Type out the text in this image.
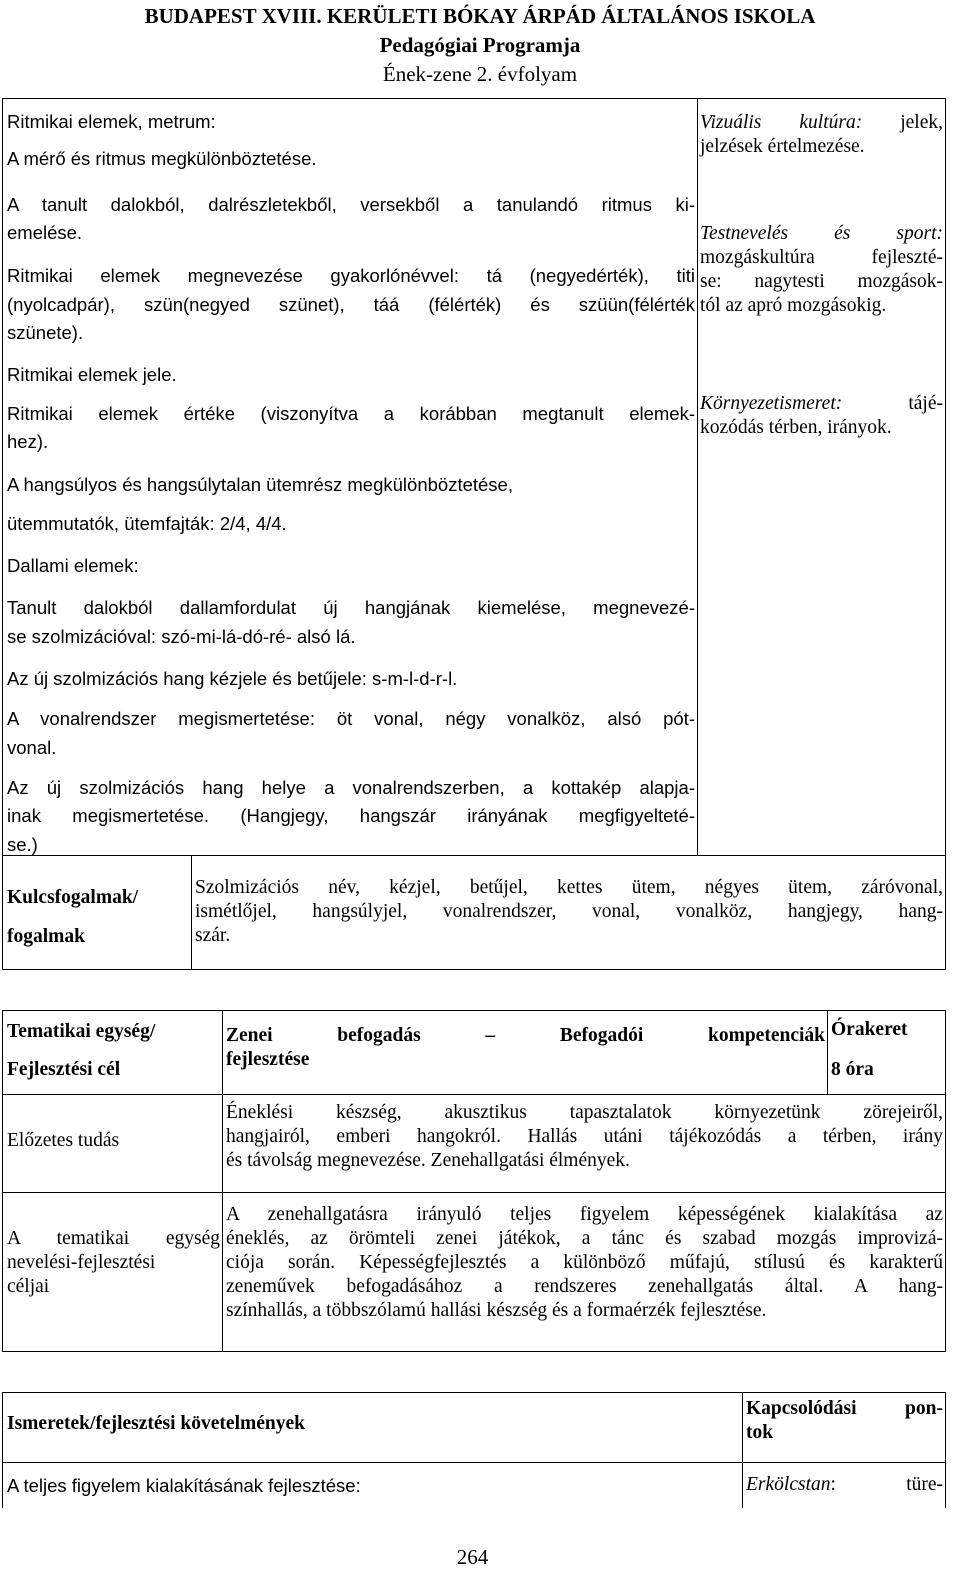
BUDAPEST XVIII. KERÜLETI BÓKAY ÁRPÁD ÁLTALÁNOS ISKOLA
Pedagógiai Programja
Ének-zene 2. évfolyam
Ritmikai elemek, metrum:
A mérő és ritmus megkülönböztetése.
A tanult dalokból, dalrészletekből, versekből a tanulandó ritmus ki-
emelése.
Ritmikai elemek megnevezése gyakorlónévvel: tá (negyedérték), titi
(nyolcadpár), szün(negyed szünet), táá (félérték) és szüün(félérték
szünete).
Ritmikai elemek jele.
Ritmikai elemek értéke (viszonyítva a korábban megtanult elemek-
hez).
A hangsúlyos és hangsúlytalan ütemrész megkülönböztetése,
ütemmutatók, ütemfajták: 2/4, 4/4.
Dallami elemek:
Tanult dalokból dallamfordulat új hangjának kiemelése, megnevezé-
se szolmizációval: szó-mi-lá-dó-ré- alsó lá.
Az új szolmizációs hang kézjele és betűjele: s-m-l-d-r-l.
A vonalrendszer megismertetése: öt vonal, négy vonalköz, alsó pót-
vonal.
Az új szolmizációs hang helye a vonalrendszerben, a kottakép alapja-
inak megismertetése. (Hangjegy, hangszár irányának megfigyelteté-
se.)
Vizuális kultúra: jelek,
jelzések értelmezése.
Testnevelés és sport:
mozgáskultúra fejleszté-
se: nagytesti mozgások-
tól az apró mozgásokig.
Környezetismeret:	tájé-
kozódás térben, irányok.
Kulcsfogalmak/
fogalmak
Szolmizációs név, kézjel, betűjel, kettes ütem, négyes ütem, záróvonal,
ismétlőjel, hangsúlyjel, vonalrendszer, vonal, vonalköz, hangjegy, hang-
szár.
Tematikai egység/
Fejlesztési cél
Zenei befogadás – Befogadói kompetenciák
fejlesztése
Órakeret
8 óra
Előzetes tudás
Éneklési készség, akusztikus tapasztalatok környezetünk zörejeiről,
hangjairól, emberi hangokról. Hallás utáni tájékozódás a térben, irány
és távolság megnevezése. Zenehallgatási élmények.
A tematikai egység
nevelési-fejlesztési
céljai
A zenehallgatásra irányuló teljes figyelem képességének kialakítása az
éneklés, az örömteli zenei játékok, a tánc és szabad mozgás improvizá-
ciója során. Képességfejlesztés a különböző műfajú, stílusú és karakterű
zeneművek befogadásához a rendszeres zenehallgatás által. A hang-
színhallás, a többszólamú hallási készség és a formaérzék fejlesztése.
Ismeretek/fejlesztési követelmények
Kapcsolódási pon-
tok
A teljes figyelem kialakításának fejlesztése:	Erkölcstan: türe-
264
